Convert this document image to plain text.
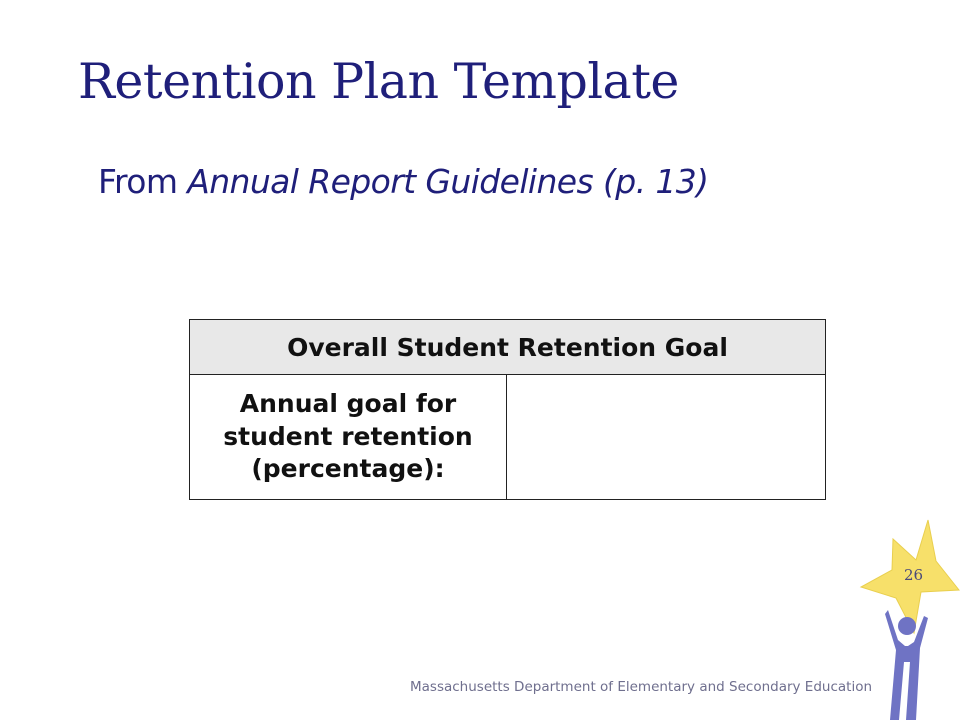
Retention Plan Template
From Annual Report Guidelines (p. 13)
Overall Student Retention Goal

Annual goal for
student retention
(percentage):

26
Massachusetts Department of Elementary and Secondary Education
